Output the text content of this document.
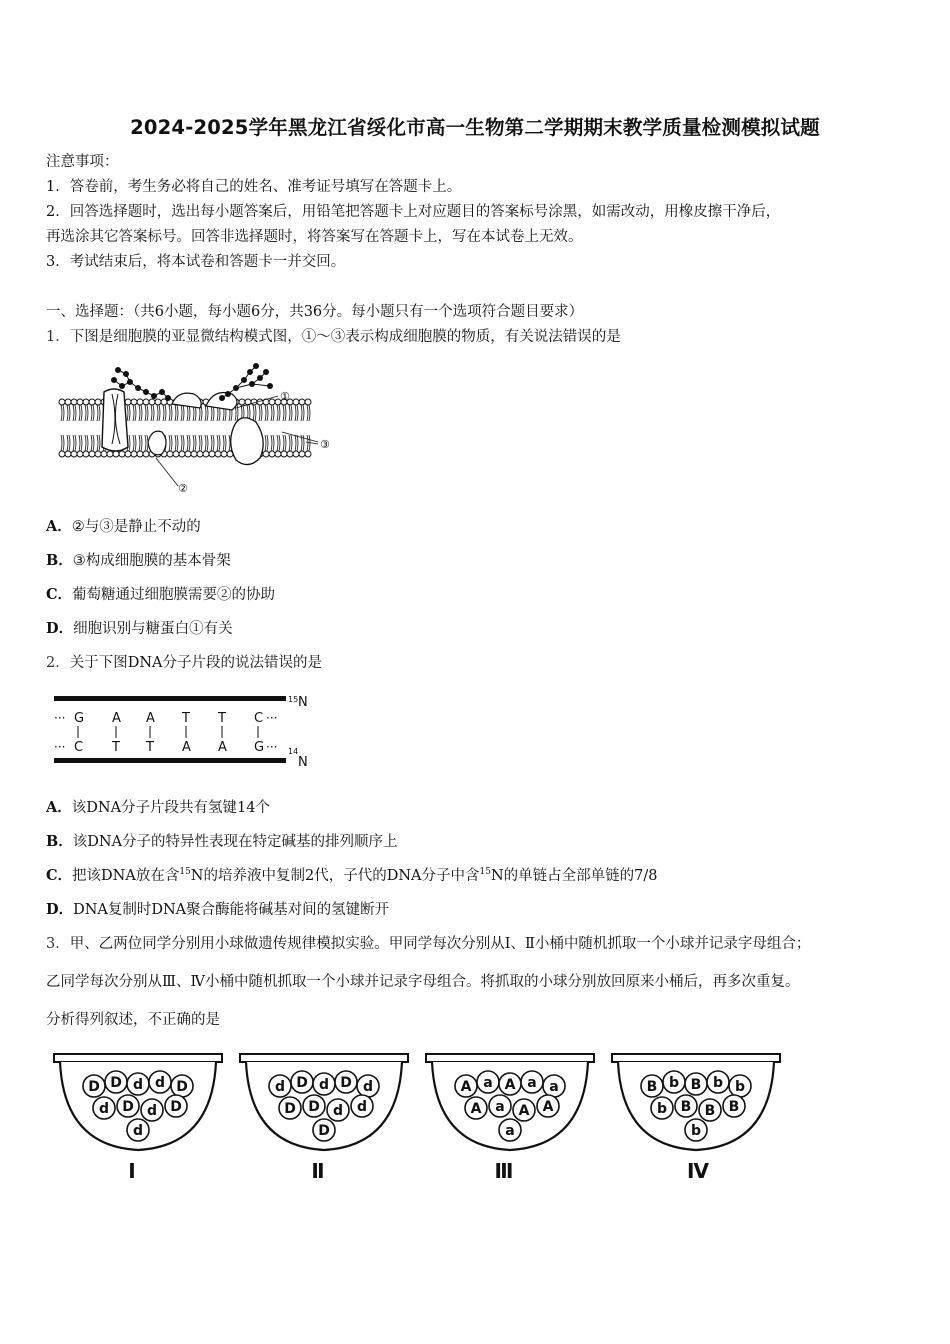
2024-2025学年黑龙江省绥化市高一生物第二学期期末教学质量检测模拟试题
注意事项：
1．答卷前，考生务必将自己的姓名、准考证号填写在答题卡上。
2．回答选择题时，选出每小题答案后，用铅笔把答题卡上对应题目的答案标号涂黑，如需改动，用橡皮擦干净后，
再选涂其它答案标号。回答非选择题时，将答案写在答题卡上，写在本试卷上无效。
3．考试结束后，将本试卷和答题卡一并交回。
一、选择题：（共6小题，每小题6分，共36分。每小题只有一个选项符合题目要求）
1．下图是细胞膜的亚显微结构模式图，①～③表示构成细胞膜的物质，有关说法错误的是
①
③
②
A．②与③是静止不动的
B．③构成细胞膜的基本骨架
C．葡萄糖通过细胞膜需要②的协助
D．细胞识别与糖蛋白①有关
2．关于下图DNA分子片段的说法错误的是
···
···
···
···
G A A T T C
C T T A A G
15 N
14
N
A．该DNA分子片段共有氢键14个
B．该DNA分子的特异性表现在特定碱基的排列顺序上
C．把该DNA放在含$^{15}$N的培养液中复制2代，子代的DNA分子中含$^{15}$N的单链占全部单链的7/8
D．DNA复制时DNA聚合酶能将碱基对间的氢键断开
3．甲、乙两位同学分别用小球做遗传规律模拟实验。甲同学每次分别从Ⅰ、Ⅱ小桶中随机抓取一个小球并记录字母组合；
乙同学每次分别从Ⅲ、Ⅳ小桶中随机抓取一个小球并记录字母组合。将抓取的小球分别放回原来小桶后，再多次重复。
分析得列叙述，不正确的是
D D d d D
d D d D
d
Ⅰ
d D d D d
D D d d
D
Ⅱ
A a A a a
A a A A
a
Ⅲ
B b B b b
b B B B
b
Ⅳ
